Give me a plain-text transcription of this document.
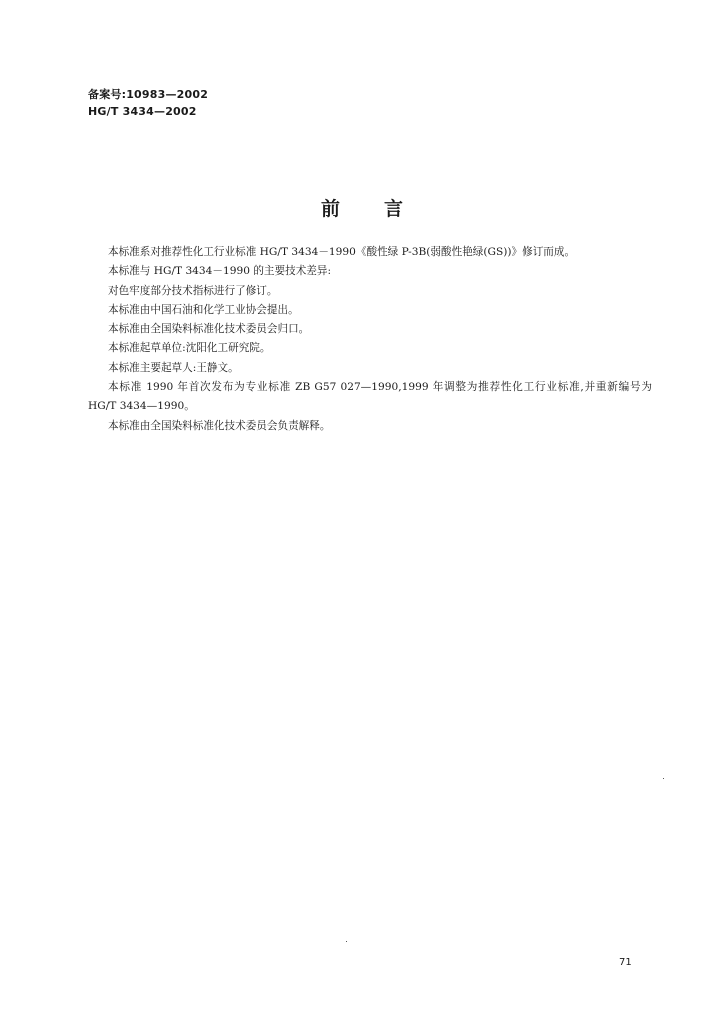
备案号:10983—2002
HG/T 3434—2002
前言

本标准系对推荐性化工行业标准 HG/T 3434－1990《酸性绿 P-3B(弱酸性艳绿(GS))》修订而成。

本标准与 HG/T 3434－1990 的主要技术差异:

对色牢度部分技术指标进行了修订。

本标准由中国石油和化学工业协会提出。

本标准由全国染料标准化技术委员会归口。

本标准起草单位:沈阳化工研究院。

本标准主要起草人:王静文。

本标准 1990 年首次发布为专业标准 ZB G57 027—1990,1999 年调整为推荐性化工行业标准,并重新编号为 HG/T 3434—1990。

本标准由全国染料标准化技术委员会负责解释。

71
